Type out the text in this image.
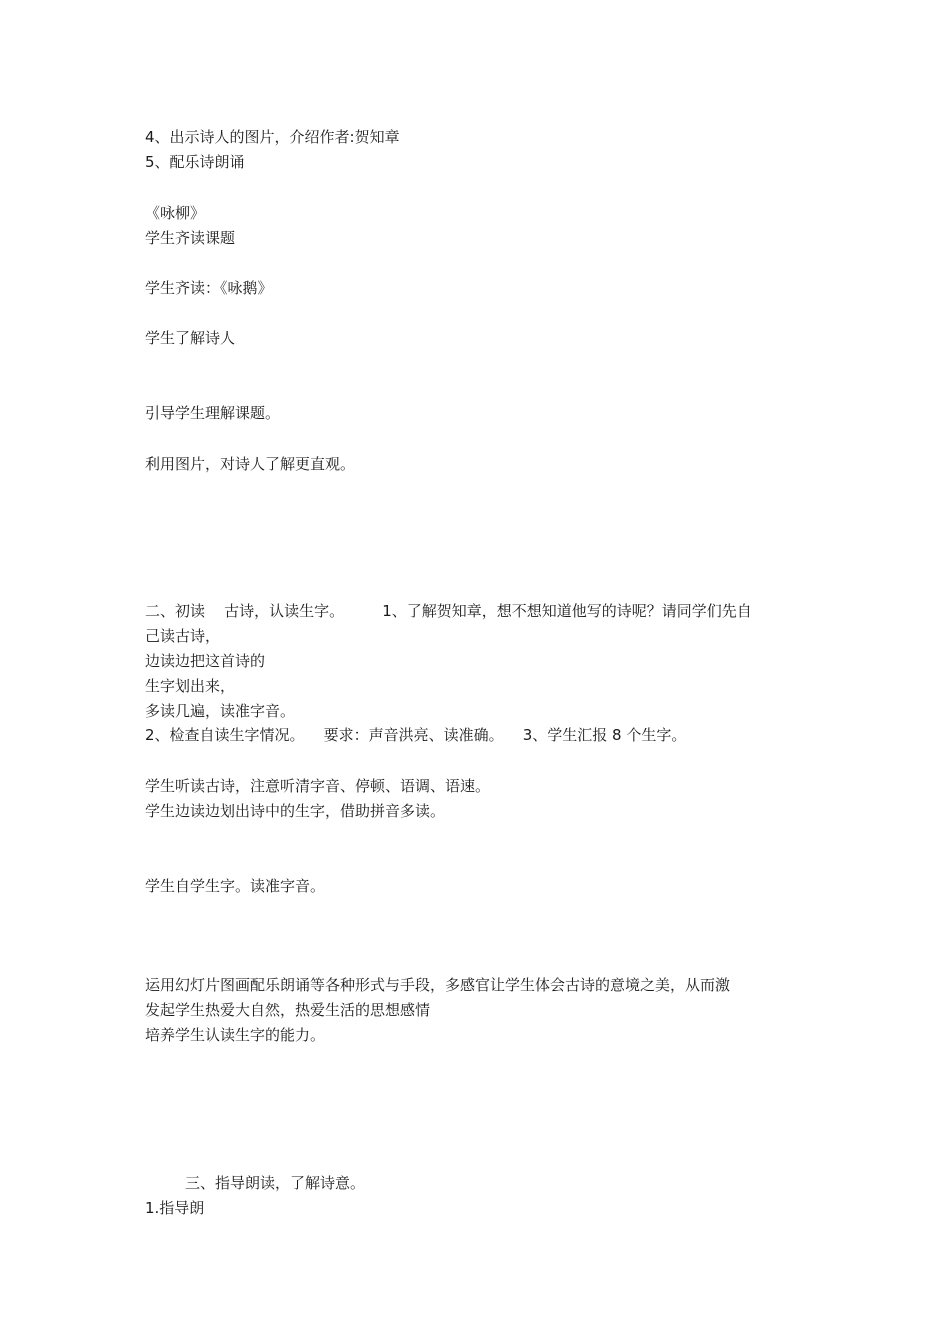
4、出示诗人的图片，介绍作者:贺知章
5、配乐诗朗诵
《咏柳》
学生齐读课题
学生齐读：《咏鹅》
学生了解诗人
引导学生理解课题。
利用图片，对诗人了解更直观。
二、初读    古诗，认读生字。        1、了解贺知章，想不想知道他写的诗呢？请同学们先自
己读古诗，
边读边把这首诗的
生字划出来，
多读几遍，读准字音。
2、检查自读生字情况。    要求：声音洪亮、读准确。    3、学生汇报 8 个生字。
学生听读古诗，注意听清字音、停顿、语调、语速。
学生边读边划出诗中的生字，借助拼音多读。
学生自学生字。读准字音。
运用幻灯片图画配乐朗诵等各种形式与手段，多感官让学生体会古诗的意境之美，从而激
发起学生热爱大自然，热爱生活的思想感情
培养学生认读生字的能力。
三、指导朗读，了解诗意。
1.指导朗
